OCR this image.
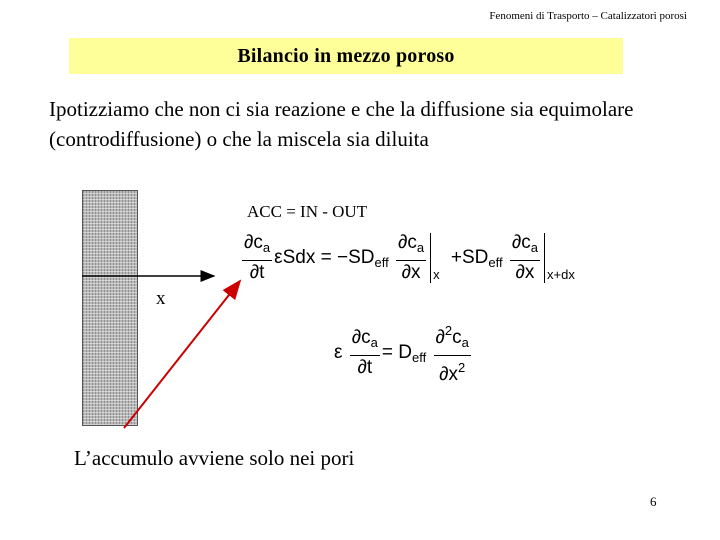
Fenomeni di Trasporto – Catalizzatori porosi
Bilancio in mezzo poroso
Ipotizziamo che non ci sia reazione e che la diffusione sia equimolare (controdiffusione) o che la miscela sia diluita
x
ACC = IN - OUT
$\frac{\partial c_a}{\partial t}$ $\varepsilon Sdx = -SD_{eff} \frac{\partial c_a}{\partial x} _x +SD_{eff} \frac{\partial c_a}{\partial x} _{x+dx}$
ε $\frac{\partial c_a}{\partial t} = D_{eff} \frac{\partial^2c_a}{\partial x^2}$
L’accumulo avviene solo nei pori
6
